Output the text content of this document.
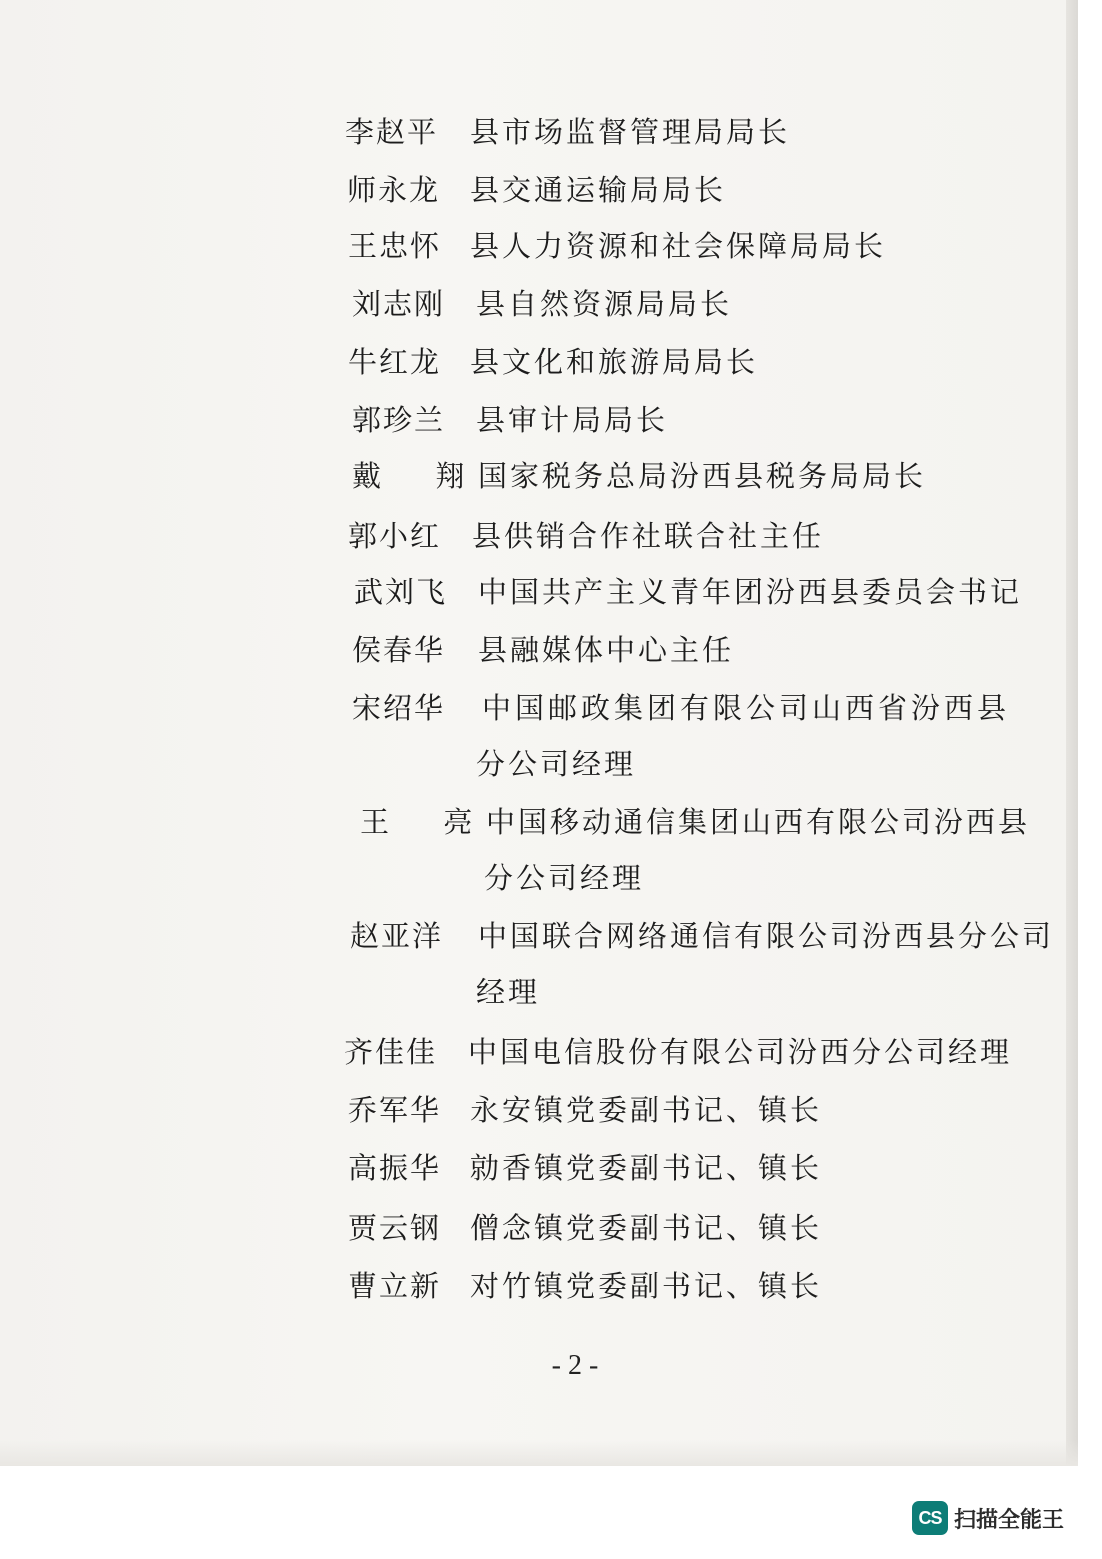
李赵平 县市场监督管理局局长
师永龙 县交通运输局局长
王忠怀 县人力资源和社会保障局局长
刘志刚 县自然资源局局长
牛红龙 县文化和旅游局局长
郭珍兰 县审计局局长
戴  翔 国家税务总局汾西县税务局局长
郭小红 县供销合作社联合社主任
武刘飞 中国共产主义青年团汾西县委员会书记
侯春华 县融媒体中心主任
宋绍华 中国邮政集团有限公司山西省汾西县
分公司经理
王  亮 中国移动通信集团山西有限公司汾西县
分公司经理
赵亚洋 中国联合网络通信有限公司汾西县分公司
经理
齐佳佳 中国电信股份有限公司汾西分公司经理
乔军华 永安镇党委副书记、镇长
高振华 勍香镇党委副书记、镇长
贾云钢 僧念镇党委副书记、镇长
曹立新 对竹镇党委副书记、镇长
- 2 -
CS 扫描全能王
